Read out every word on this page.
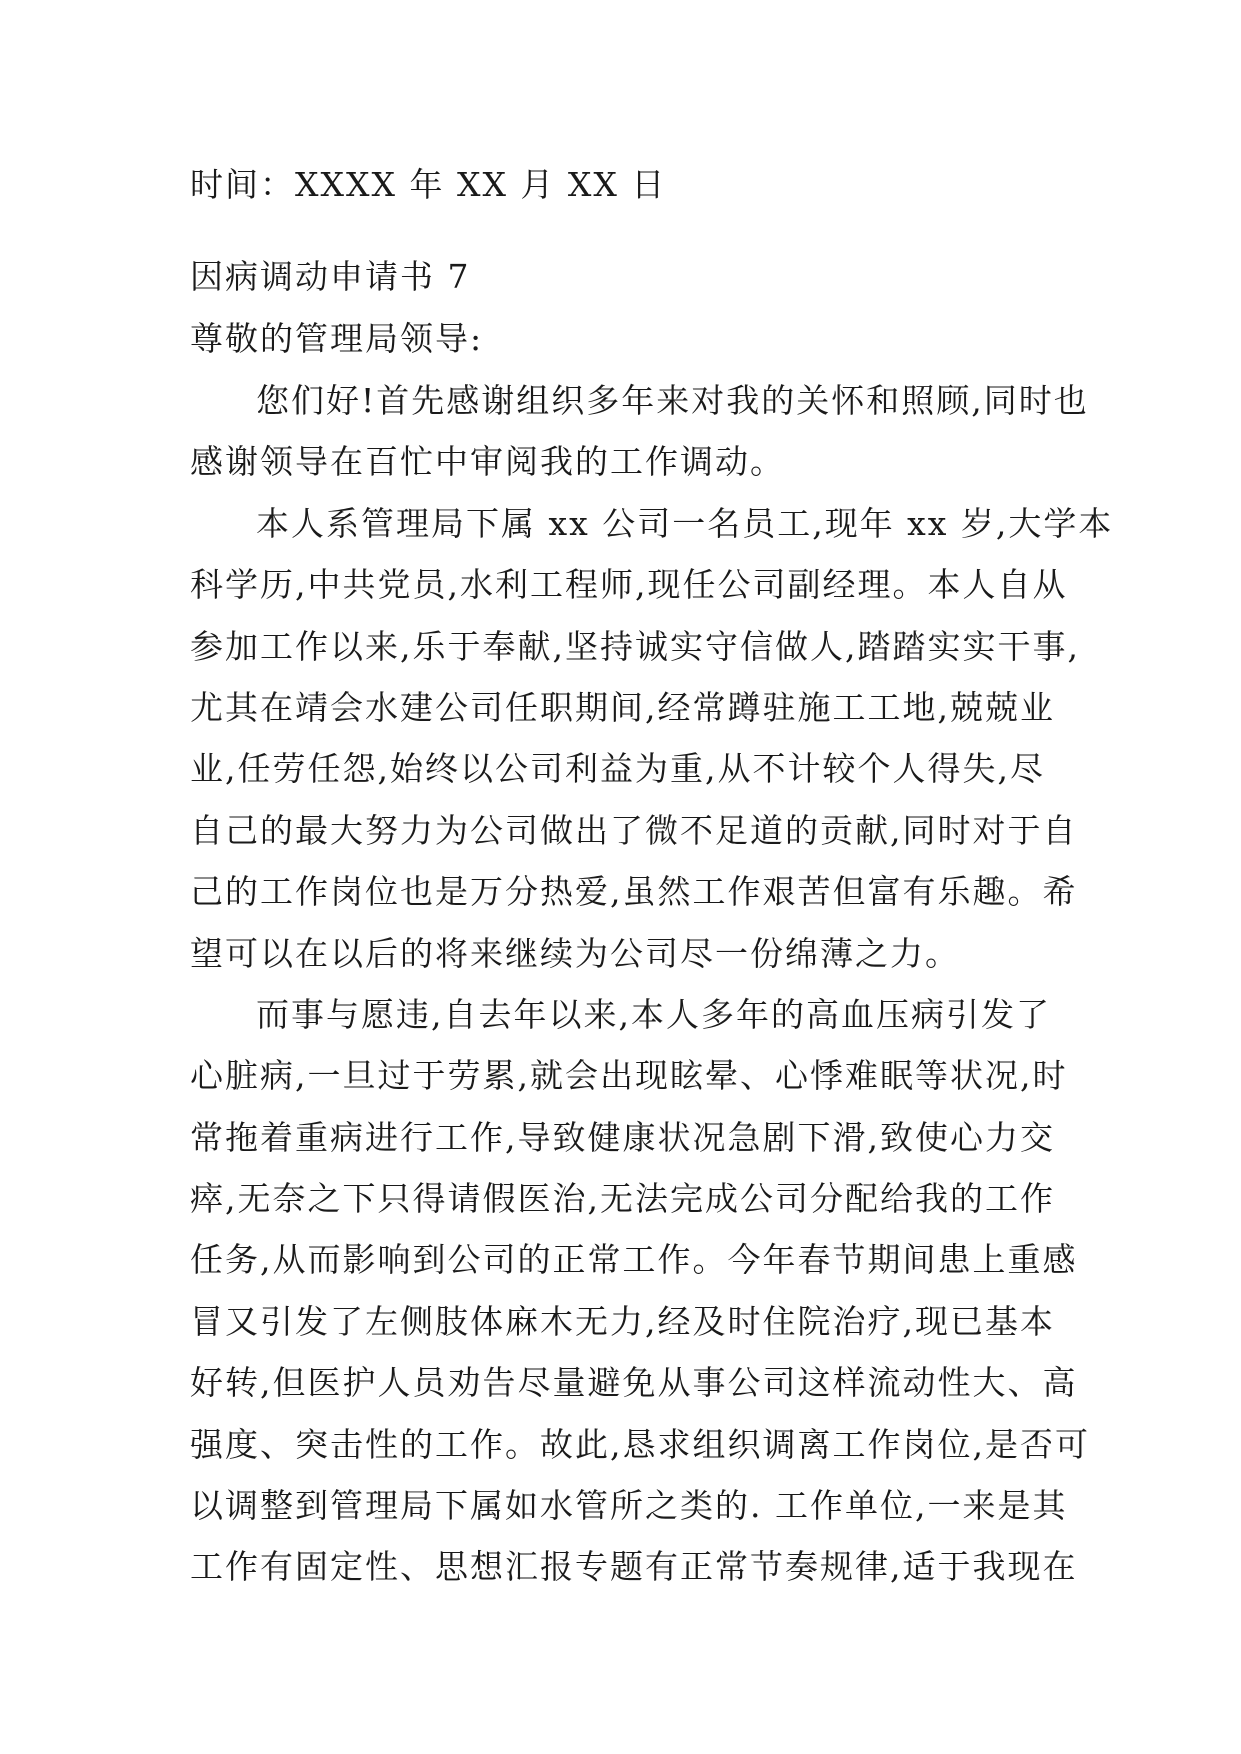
时间：XXXX 年 XX 月 XX 日
因病调动申请书 7
尊敬的管理局领导:
您们好!首先感谢组织多年来对我的关怀和照顾,同时也
感谢领导在百忙中审阅我的工作调动。
本人系管理局下属 xx 公司一名员工,现年 xx 岁,大学本
科学历,中共党员,水利工程师,现任公司副经理。本人自从
参加工作以来,乐于奉献,坚持诚实守信做人,踏踏实实干事,
尤其在靖会水建公司任职期间,经常蹲驻施工工地,兢兢业
业,任劳任怨,始终以公司利益为重,从不计较个人得失,尽
自己的最大努力为公司做出了微不足道的贡献,同时对于自
己的工作岗位也是万分热爱,虽然工作艰苦但富有乐趣。希
望可以在以后的将来继续为公司尽一份绵薄之力。
而事与愿违,自去年以来,本人多年的高血压病引发了
心脏病,一旦过于劳累,就会出现眩晕、心悸难眠等状况,时
常拖着重病进行工作,导致健康状况急剧下滑,致使心力交
瘁,无奈之下只得请假医治,无法完成公司分配给我的工作
任务,从而影响到公司的正常工作。今年春节期间患上重感
冒又引发了左侧肢体麻木无力,经及时住院治疗,现已基本
好转,但医护人员劝告尽量避免从事公司这样流动性大、高
强度、突击性的工作。故此,恳求组织调离工作岗位,是否可
以调整到管理局下属如水管所之类的. 工作单位,一来是其
工作有固定性、思想汇报专题有正常节奏规律,适于我现在
